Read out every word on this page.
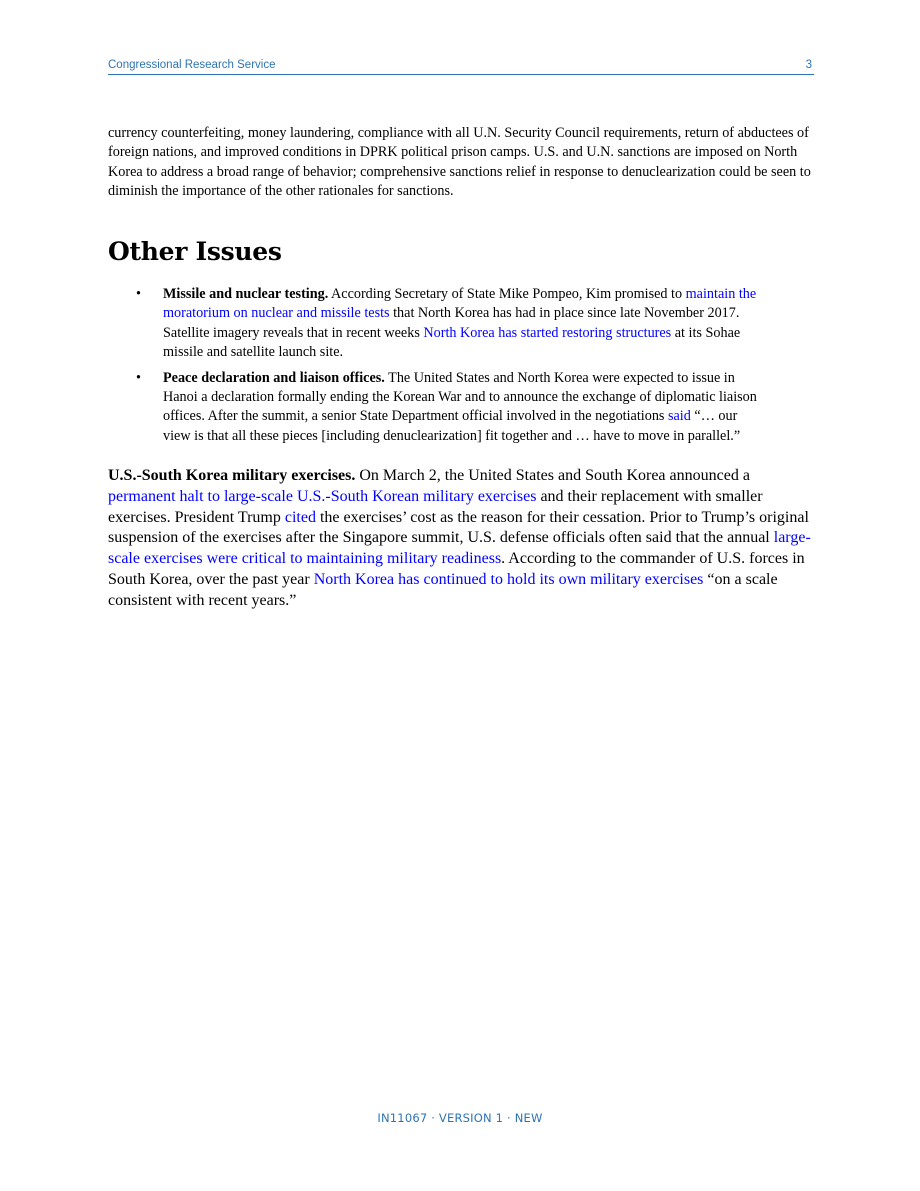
Congressional Research Service	3

currency counterfeiting, money laundering, compliance with all U.N. Security Council requirements, return of abductees of foreign nations, and improved conditions in DPRK political prison camps. U.S. and U.N. sanctions are imposed on North Korea to address a broad range of behavior; comprehensive sanctions relief in response to denuclearization could be seen to diminish the importance of the other rationales for sanctions.

Other Issues
• Missile and nuclear testing. According Secretary of State Mike Pompeo, Kim promised to maintain the moratorium on nuclear and missile tests that North Korea has had in place since late November 2017. Satellite imagery reveals that in recent weeks North Korea has started restoring structures at its Sohae missile and satellite launch site.
• Peace declaration and liaison offices. The United States and North Korea were expected to issue in Hanoi a declaration formally ending the Korean War and to announce the exchange of diplomatic liaison offices. After the summit, a senior State Department official involved in the negotiations said “… our view is that all these pieces [including denuclearization] fit together and … have to move in parallel.”

U.S.-South Korea military exercises. On March 2, the United States and South Korea announced a permanent halt to large-scale U.S.-South Korean military exercises and their replacement with smaller exercises. President Trump cited the exercises’ cost as the reason for their cessation. Prior to Trump’s original suspension of the exercises after the Singapore summit, U.S. defense officials often said that the annual large-scale exercises were critical to maintaining military readiness. According to the commander of U.S. forces in South Korea, over the past year North Korea has continued to hold its own military exercises “on a scale consistent with recent years.”

IN11067 · VERSION 1 · NEW
